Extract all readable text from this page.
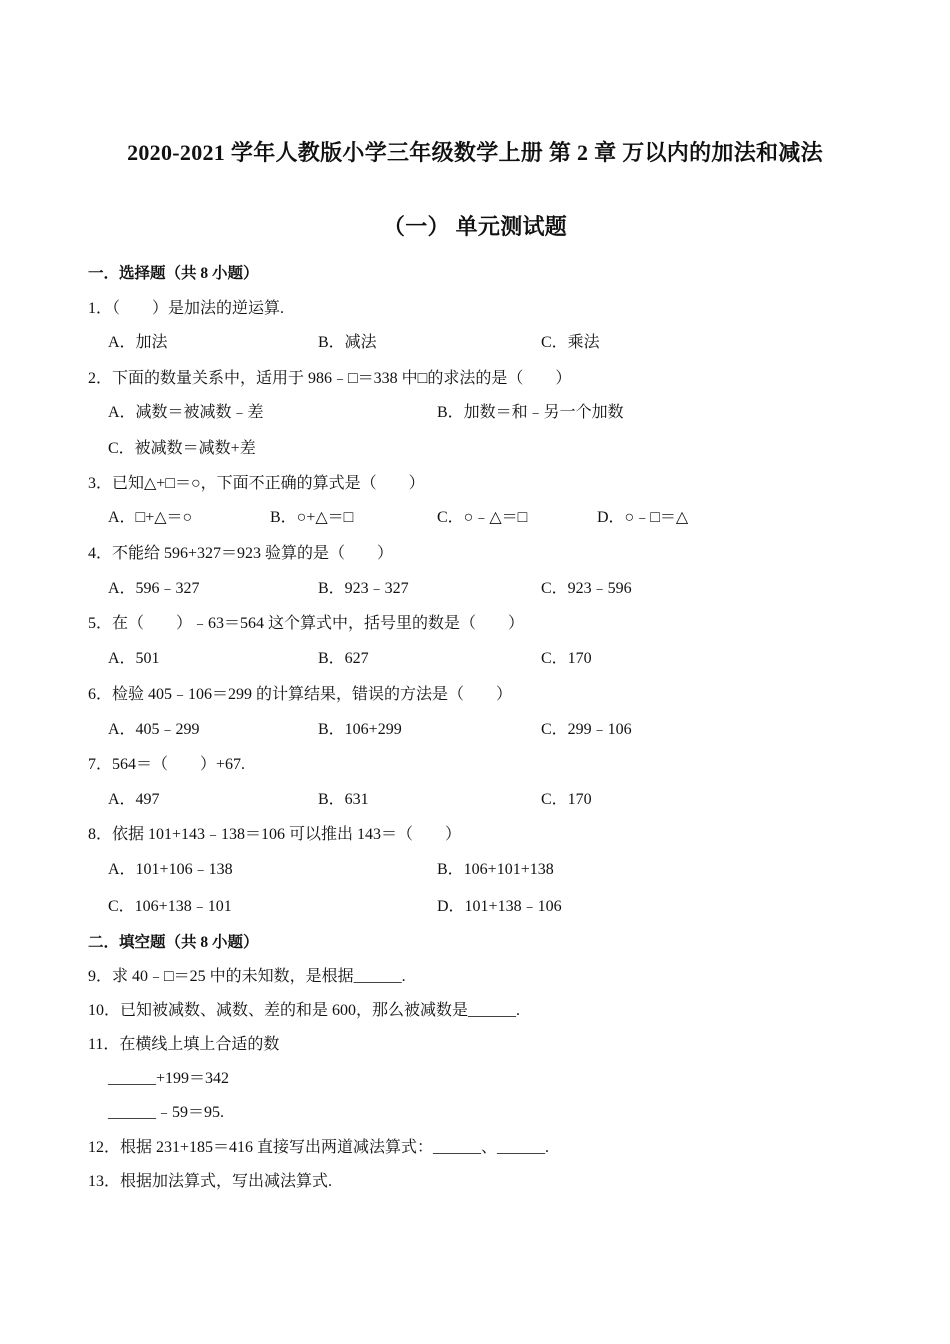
2020-2021 学年人教版小学三年级数学上册 第 2 章 万以内的加法和减法
（一） 单元测试题
一．选择题（共 8 小题）
1．（　　）是加法的逆运算.
A．加法	B．减法	C．乘法
2．下面的数量关系中，适用于 986﹣□＝338 中□的求法的是（　　）
A．减数＝被减数﹣差	B．加数＝和﹣另一个加数
C．被减数＝减数+差
3．已知△+□＝○，下面不正确的算式是（　　）
A．□+△＝○	B．○+△＝□	C．○﹣△＝□	D．○﹣□＝△
4．不能给 596+327＝923 验算的是（　　）
A．596﹣327	B．923﹣327	C．923﹣596
5．在（　　）﹣63＝564 这个算式中，括号里的数是（　　）
A．501	B．627	C．170
6．检验 405﹣106＝299 的计算结果，错误的方法是（　　）
A．405﹣299	B．106+299	C．299﹣106
7．564＝（　　）+67.
A．497	B．631	C．170
8．依据 101+143﹣138＝106 可以推出 143＝（　　）
A．101+106﹣138	B．106+101+138
C．106+138﹣101	D．101+138﹣106
二．填空题（共 8 小题）
9．求 40﹣□＝25 中的未知数，是根据______.
10．已知被减数、减数、差的和是 600，那么被减数是______.
11．在横线上填上合适的数
______+199＝342
______﹣59＝95.
12．根据 231+185＝416 直接写出两道减法算式：______、______.
13．根据加法算式，写出减法算式.
